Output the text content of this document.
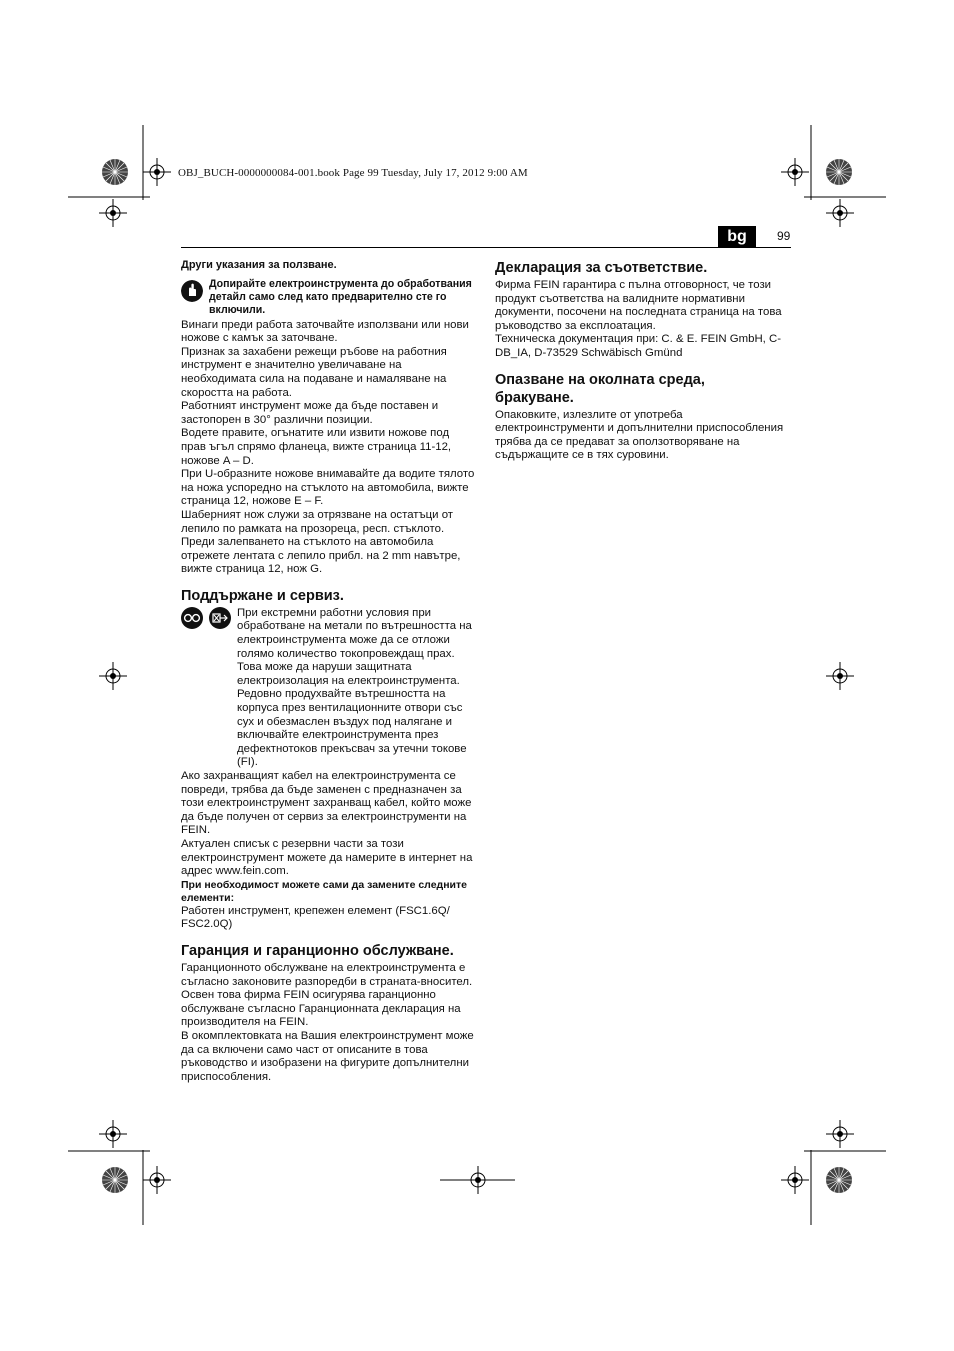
OBJ_BUCH-0000000084-001.book Page 99 Tuesday, July 17, 2012 9:00 AM
bg	99
Други указания за ползване.
Допирайте електроинструмента до обработвания детайл само след като предварително сте го включили.

Винаги преди работа заточвайте използвани или нови ножове с камък за заточване.

Признак за захабени режещи ръбове на работния инструмент е значително увеличаване на необходимата сила на подаване и намаляване на скоростта на работа.

Работният инструмент може да бъде поставен и застопорен в 30° различни позиции.

Водете правите, огънатите или извити ножове под прав ъгъл спрямо фланеца, вижте страница 11-12, ножове A – D.

При U-образните ножове внимавайте да водите тялото на ножа успоредно на стъклото на автомобила, вижте страница 12, ножове E – F.

Шаберният нож служи за отрязване на остатъци от лепило по рамката на прозореца, респ. стъклото. Преди залепването на стъклото на автомобила отрежете лентата с лепило прибл. на 2 mm навътре, вижте страница 12, нож G.

Поддържане и сервиз.

При екстремни работни условия при обработване на метали по вътрешността на електроинструмента може да се отложи голямо количество токопровеждащ прах. Това може да наруши защитната електроизолация на електроинструмента. Редовно продухвайте вътрешността на корпуса през вентилационните отвори със сух и обезмаслен въздух под налягане и включвайте електроинструмента през дефектнотоков прекъсвач за утечни токове (FI).

Ако захранващият кабел на електроинструмента се повреди, трябва да бъде заменен с предназначен за този електроинструмент захранващ кабел, който може да бъде получен от сервиз за електроинструменти на FEIN.

Актуален списък с резервни части за този електроинструмент можете да намерите в интернет на адрес www.fein.com.

При необходимост можете сами да замените следните елементи:

Работен инструмент, крепежен елемент (FSC1.6Q/ FSC2.0Q)

Гаранция и гаранционно обслужване.

Гаранционното обслужване на електроинструмента е съгласно законовите разпоредби в страната-вносител. Освен това фирма FEIN осигурява гаранционно обслужване съгласно Гаранционната декларация на производителя на FEIN.

В окомплектовката на Вашия електроинструмент може да са включени само част от описаните в това ръководство и изобразени на фигурите допълнителни приспособления.

Декларация за съответствие.

Фирма FEIN гарантира с пълна отговорност, че този продукт съответства на валидните нормативни документи, посочени на последната страница на това ръководство за експлоатация.

Техническа документация при: C. & E. FEIN GmbH, C-DB_IA, D-73529 Schwäbisch Gmünd

Опазване на околната среда, бракуване.

Опаковките, излезлите от употреба електроинструменти и допълнителни приспособления трябва да се предават за оползотворяване на съдържащите се в тях суровини.
